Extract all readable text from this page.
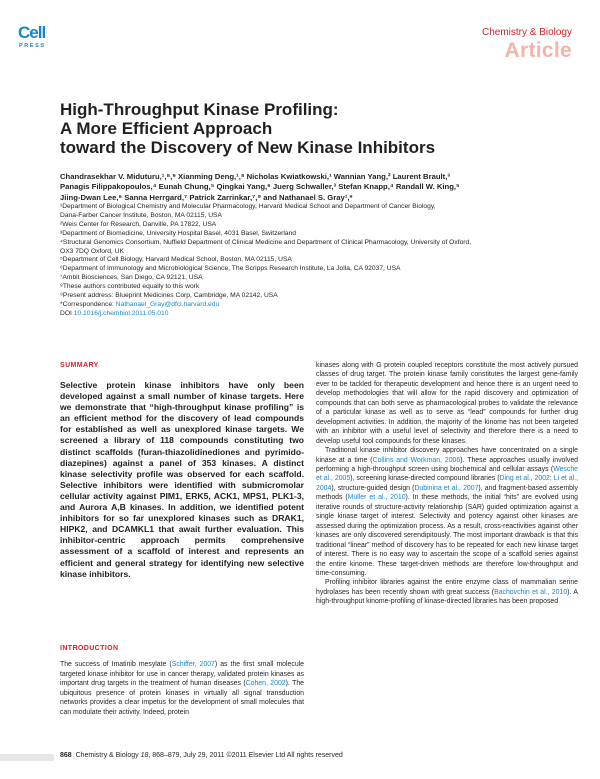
Cell
PRESS
Chemistry & Biology
Article
High-Throughput Kinase Profiling:
A More Efficient Approach
toward the Discovery of New Kinase Inhibitors
Chandrasekhar V. Miduturu,¹,⁸,⁹ Xianming Deng,¹,⁸ Nicholas Kwiatkowski,¹ Wannian Yang,² Laurent Brault,³
Panagis Filippakopoulos,⁴ Eunah Chung,⁵ Qingkai Yang,⁶ Juerg Schwaller,³ Stefan Knapp,⁴ Randall W. King,⁵
Jiing-Dwan Lee,⁶ Sanna Herrgard,⁷ Patrick Zarrinkar,⁷,⁹ and Nathanael S. Gray¹,*
¹Department of Biological Chemistry and Molecular Pharmacology, Harvard Medical School and Department of Cancer Biology,
Dana-Farber Cancer Institute, Boston, MA 02115, USA
²Weis Center for Research, Danville, PA 17822, USA
³Department of Biomedicine, University Hospital Basel, 4031 Basel, Switzerland
⁴Structural Genomics Consortium, Nuffield Department of Clinical Medicine and Department of Clinical Pharmacology, University of Oxford,
OX3 7DQ Oxford, UK
⁵Department of Cell Biology, Harvard Medical School, Boston, MA 02115, USA
⁶Department of Immunology and Microbiological Science, The Scripps Research Institute, La Jolla, CA 92037, USA
⁷Ambit Biosciences, San Diego, CA 92121, USA
⁸These authors contributed equally to this work
⁹Present address: Blueprint Medicines Corp, Cambridge, MA 02142, USA
*Correspondence: Nathanael_Gray@dfci.harvard.edu
DOI 10.1016/j.chembiol.2011.05.010
SUMMARY
Selective protein kinase inhibitors have only been developed against a small number of kinase targets. Here we demonstrate that “high-throughput kinase profiling” is an efficient method for the discovery of lead compounds for established as well as unexplored kinase targets. We screened a library of 118 compounds constituting two distinct scaffolds (furan-thiazolidinediones and pyrimido-diazepines) against a panel of 353 kinases. A distinct kinase selectivity profile was observed for each scaffold. Selective inhibitors were identified with submicromolar cellular activity against PIM1, ERK5, ACK1, MPS1, PLK1-3, and Aurora A,B kinases. In addition, we identified potent inhibitors for so far unexplored kinases such as DRAK1, HIPK2, and DCAMKL1 that await further evaluation. This inhibitor-centric approach permits comprehensive assessment of a scaffold of interest and represents an efficient and general strategy for identifying new selective kinase inhibitors.
INTRODUCTION
The success of Imatinib mesylate (Schiffer, 2007) as the first small molecule targeted kinase inhibitor for use in cancer therapy, validated protein kinases as important drug targets in the treatment of human diseases (Cohen, 2002). The ubiquitous presence of protein kinases in virtually all signal transduction networks provides a clear impetus for the development of small molecules that can modulate their activity. Indeed, protein
kinases along with G protein coupled receptors constitute the most actively pursued classes of drug target. The protein kinase family constitutes the largest gene-family ever to be tackled for therapeutic development and hence there is an urgent need to develop methodologies that will allow for the rapid discovery and optimization of compounds that can both serve as pharmacological probes to validate the relevance of a particular kinase as well as to serve as “lead” compounds for further drug development activities. In addition, the majority of the kinome has not been targeted with an inhibitor with a useful level of selectivity and therefore there is a need to develop useful tool compounds for these kinases.
Traditional kinase inhibitor discovery approaches have concentrated on a single kinase at a time (Collins and Workman, 2006). These approaches usually involved performing a high-throughput screen using biochemical and cellular assays (Wesche et al., 2005), screening kinase-directed compound libraries (Ding et al., 2002; Li et al., 2004), structure-guided design (Dubinina et al., 2007), and fragment-based assembly methods (Müller et al., 2010). In these methods, the initial “hits” are evolved using iterative rounds of structure-activity relationship (SAR) guided optimization against a single kinase target of interest. Selectivity and potency against other kinases are assessed during the optimization process. As a result, cross-reactivities against other kinases are only discovered serendipitously. The most important drawback is that this traditional “linear” method of discovery has to be repeated for each new kinase target of interest. There is no easy way to ascertain the scope of a scaffold series against the entire kinome. These target-driven methods are therefore low-throughput and time-consuming.
Profiling inhibitor libraries against the entire enzyme class of mammalian serine hydrolases has been recently shown with great success (Bachovchin et al., 2010). A high-throughput kinome-profiling of kinase-directed libraries has been proposed
868 Chemistry & Biology 18, 868–879, July 29, 2011 ©2011 Elsevier Ltd All rights reserved
